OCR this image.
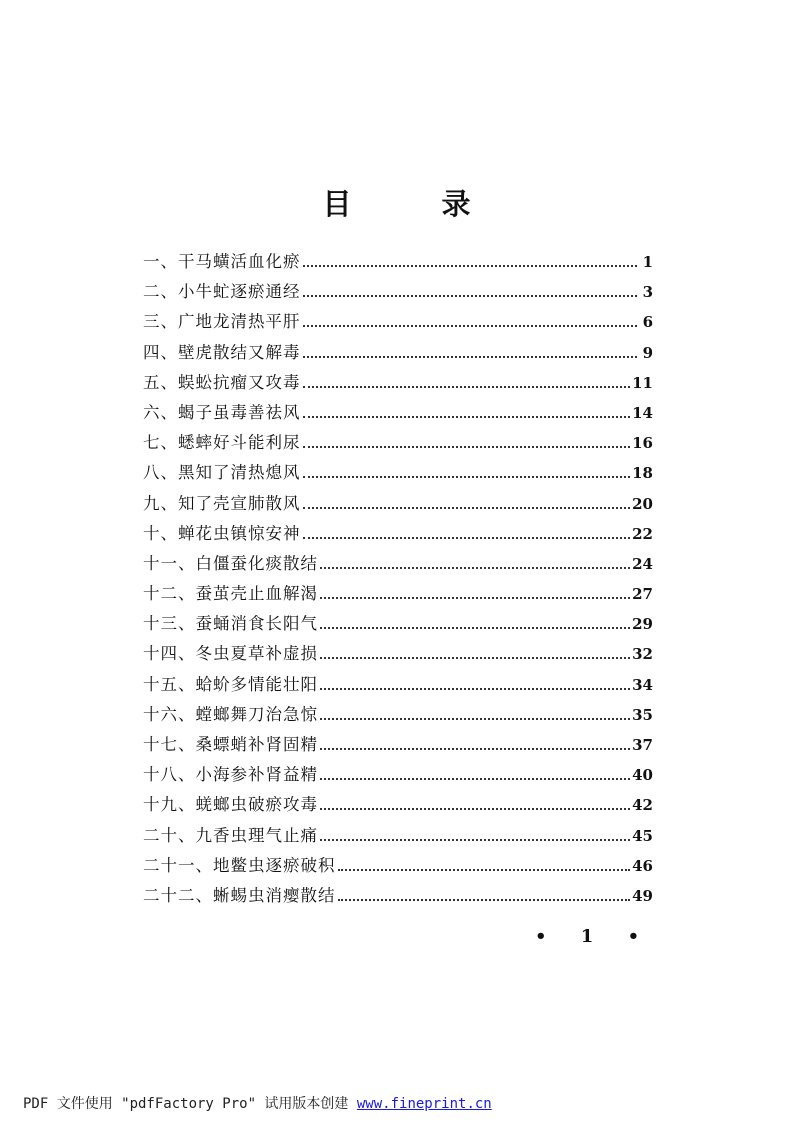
目 录
一、干马蟥活血化瘀	1
二、小牛虻逐瘀通经	3
三、广地龙清热平肝	6
四、壁虎散结又解毒	9
五、蜈蚣抗瘤又攻毒	11
六、蝎子虽毒善祛风	14
七、蟋蟀好斗能利尿	16
八、黑知了清热熄风	18
九、知了壳宣肺散风	20
十、蝉花虫镇惊安神	22
十一、白僵蚕化痰散结	24
十二、蚕茧壳止血解渴	27
十三、蚕蛹消食长阳气	29
十四、冬虫夏草补虚损	32
十五、蛤蚧多情能壮阳	34
十六、螳螂舞刀治急惊	35
十七、桑螵蛸补肾固精	37
十八、小海参补肾益精	40
十九、蜣螂虫破瘀攻毒	42
二十、九香虫理气止痛	45
二十一、地鳖虫逐瘀破积	46
二十二、蜥蜴虫消瘿散结	49
• 1 •
PDF 文件使用 "pdfFactory Pro" 试用版本创建 www.fineprint.cn
